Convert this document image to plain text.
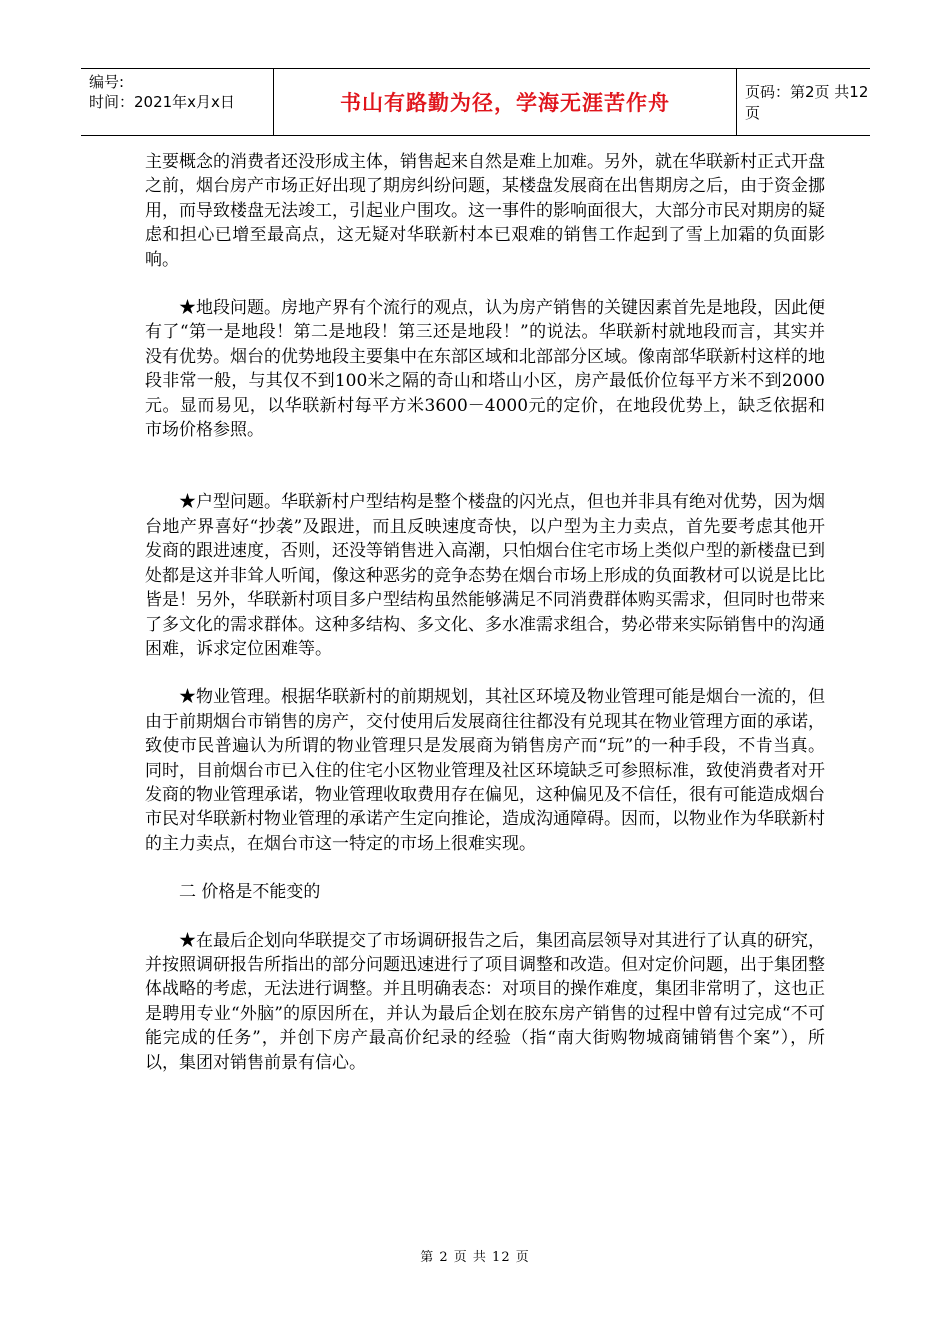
编号:
时间：2021年x月x日	书山有路勤为径，学海无涯苦作舟	页码：第2页 共12页

主要概念的消费者还没形成主体，销售起来自然是难上加难。另外，就在华联新村正式开盘之前，烟台房产市场正好出现了期房纠纷问题，某楼盘发展商在出售期房之后，由于资金挪用，而导致楼盘无法竣工，引起业户围攻。这一事件的影响面很大，大部分市民对期房的疑虑和担心已增至最高点，这无疑对华联新村本已艰难的销售工作起到了雪上加霜的负面影响。

★地段问题。房地产界有个流行的观点，认为房产销售的关键因素首先是地段，因此便有了“第一是地段！第二是地段！第三还是地段！”的说法。华联新村就地段而言，其实并没有优势。烟台的优势地段主要集中在东部区域和北部部分区域。像南部华联新村这样的地段非常一般，与其仅不到100米之隔的奇山和塔山小区，房产最低价位每平方米不到2000 元。显而易见，以华联新村每平方米3600－4000元的定价，在地段优势上，缺乏依据和市场价格参照。

★户型问题。华联新村户型结构是整个楼盘的闪光点，但也并非具有绝对优势，因为烟台地产界喜好“抄袭”及跟进，而且反映速度奇快，以户型为主力卖点，首先要考虑其他开发商的跟进速度，否则，还没等销售进入高潮，只怕烟台住宅市场上类似户型的新楼盘已到处都是这并非耸人听闻，像这种恶劣的竞争态势在烟台市场上形成的负面教材可以说是比比皆是！另外，华联新村项目多户型结构虽然能够满足不同消费群体购买需求，但同时也带来了多文化的需求群体。这种多结构、多文化、多水准需求组合，势必带来实际销售中的沟通困难，诉求定位困难等。

★物业管理。根据华联新村的前期规划，其社区环境及物业管理可能是烟台一流的，但由于前期烟台市销售的房产，交付使用后发展商往往都没有兑现其在物业管理方面的承诺，致使市民普遍认为所谓的物业管理只是发展商为销售房产而“玩”的一种手段，不肯当真。同时，目前烟台市已入住的住宅小区物业管理及社区环境缺乏可参照标准，致使消费者对开发商的物业管理承诺，物业管理收取费用存在偏见，这种偏见及不信任，很有可能造成烟台市民对华联新村物业管理的承诺产生定向推论，造成沟通障碍。因而，以物业作为华联新村的主力卖点，在烟台市这一特定的市场上很难实现。

二 价格是不能变的

★在最后企划向华联提交了市场调研报告之后，集团高层领导对其进行了认真的研究，并按照调研报告所指出的部分问题迅速进行了项目调整和改造。但对定价问题，出于集团整体战略的考虑，无法进行调整。并且明确表态：对项目的操作难度，集团非常明了，这也正是聘用专业“外脑”的原因所在，并认为最后企划在胶东房产销售的过程中曾有过完成“不可能完成的任务”，并创下房产最高价纪录的经验（指“南大街购物城商铺销售个案”），所以，集团对销售前景有信心。

第 2 页 共 12 页
